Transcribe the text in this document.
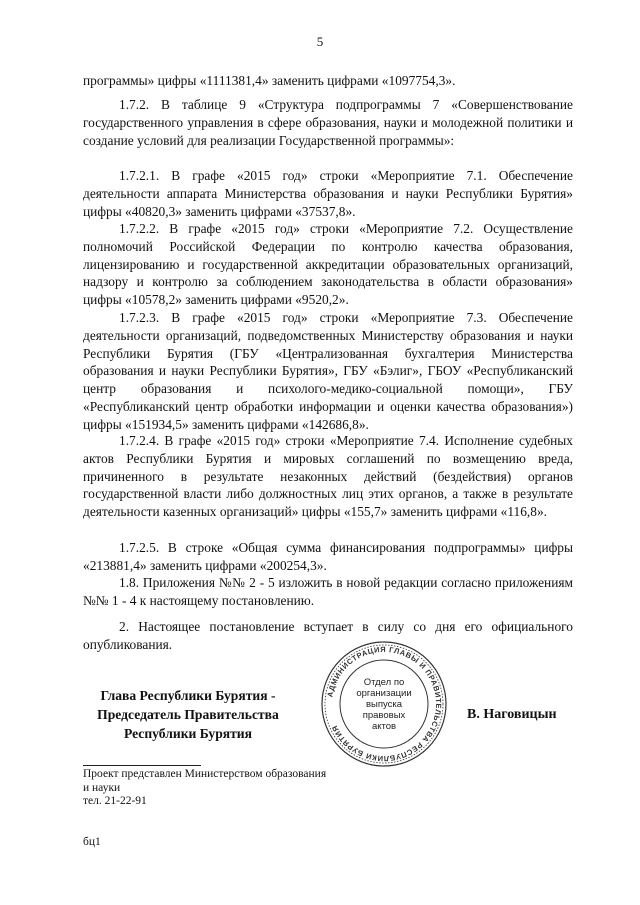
5

программы» цифры «1111381,4» заменить цифрами «1097754,3».

1.7.2. В таблице 9 «Структура подпрограммы 7 «Совершенствование государственного управления в сфере образования, науки и молодежной политики и создание условий для реализации Государственной программы»:

1.7.2.1. В графе «2015 год» строки «Мероприятие 7.1. Обеспечение деятельности аппарата Министерства образования и науки Республики Бурятия» цифры «40820,3» заменить цифрами «37537,8».

1.7.2.2. В графе «2015 год» строки «Мероприятие 7.2. Осуществление полномочий Российской Федерации по контролю качества образования, лицензированию и государственной аккредитации образовательных организаций, надзору и контролю за соблюдением законодательства в области образования» цифры «10578,2» заменить цифрами «9520,2».

1.7.2.3. В графе «2015 год» строки «Мероприятие 7.3. Обеспечение деятельности организаций, подведомственных Министерству образования и науки Республики Бурятия (ГБУ «Централизованная бухгалтерия Министерства образования и науки Республики Бурятия», ГБУ «Бэлиг», ГБОУ «Республиканский центр образования и психолого-медико-социальной помощи», ГБУ «Республиканский центр обработки информации и оценки качества образования») цифры «151934,5» заменить цифрами «142686,8».

1.7.2.4. В графе «2015 год» строки «Мероприятие 7.4. Исполнение судебных актов Республики Бурятия и мировых соглашений по возмещению вреда, причиненного в результате незаконных действий (бездействия) органов государственной власти либо должностных лиц этих органов, а также в результате деятельности казенных организаций» цифры «155,7» заменить цифрами «116,8».

1.7.2.5. В строке «Общая сумма финансирования подпрограммы» цифры «213881,4» заменить цифрами «200254,3».

1.8. Приложения №№ 2 - 5 изложить в новой редакции согласно приложениям №№ 1 - 4 к настоящему постановлению.

2. Настоящее постановление вступает в силу со дня его официального опубликования.

Глава Республики Бурятия -
Председатель Правительства
Республики Бурятия
АДМИНИСТРАЦИЯ ГЛАВЫ И ПРАВИТЕЛЬСТВА РЕСПУБЛИКИ БУРЯТИЯ
Отдел по
организации
выпуска
правовых
актов
В. Наговицын
Проект представлен Министерством образования
и науки
тел. 21-22-91
бц1
